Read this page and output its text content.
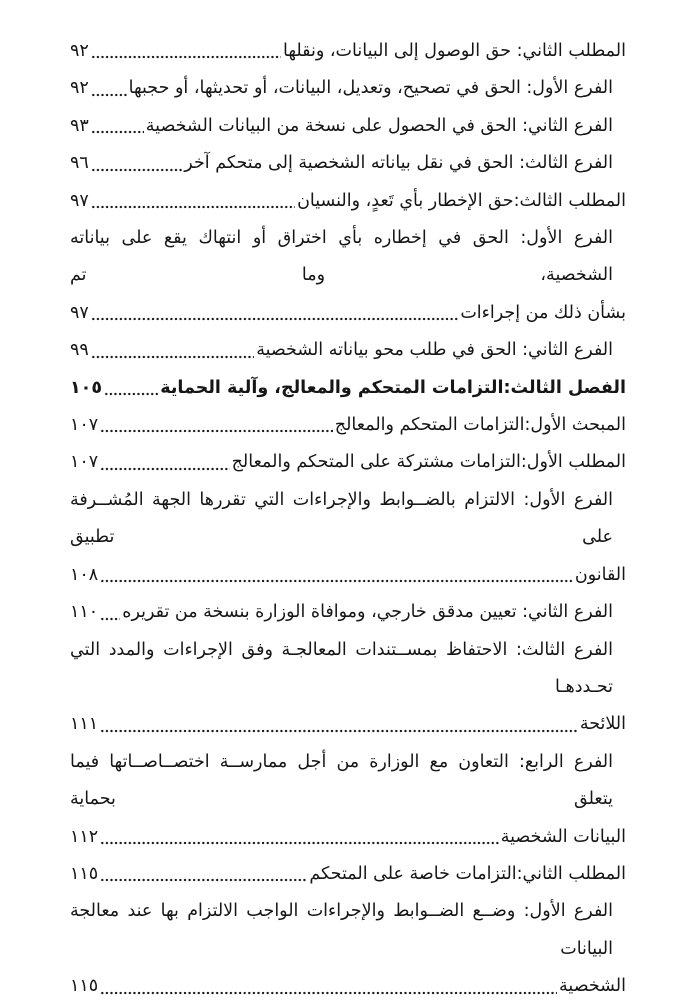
المطلب الثاني: حق الوصول إلى البيانات، ونقلها
٩٢
الفرع الأول: الحق في تصحيح، وتعديل، البيانات، أو تحديثها، أو حجبها
٩٢
الفرع الثاني: الحق في الحصول على نسخة من البيانات الشخصية
٩٣
الفرع الثالث: الحق في نقل بياناته الشخصية إلى متحكم آخر
٩٦
المطلب الثالث:حق الإخطار بأي تَعدٍ، والنسيان
٩٧
الفرع الأول: الحق في إخطاره بأي اختراق أو انتهاك يقع على بياناته الشخصية، وما تم
بشأن ذلك من إجراءات
٩٧
الفرع الثاني: الحق في طلب محو بياناته الشخصية
٩٩
الفصل الثالث:التزامات المتحكم والمعالج، وآلية الحماية
١٠٥
المبحث الأول:التزامات المتحكم والمعالج
١٠٧
المطلب الأول:التزامات مشتركة على المتحكم والمعالج
١٠٧
الفرع الأول: الالتزام بالضــوابط والإجراءات التي تقررها الجهة المُشــرفة على تطبيق
القانون
١٠٨
الفرع الثاني: تعيين مدقق خارجي، وموافاة الوزارة بنسخة من تقريره
١١٠
الفرع الثالث: الاحتفاظ بمســتندات المعالجـة وفق الإجراءات والمدد التي تحـددهـا
اللائحة
١١١
الفرع الرابع: التعاون مع الوزارة من أجل ممارســة اختصــاصــاتها فيما يتعلق بحماية
البيانات الشخصية
١١٢
المطلب الثاني:التزامات خاصة على المتحكم
١١٥
الفرع الأول: وضــع الضــوابط والإجراءات الواجب الالتزام بها عند معالجة البيانات
الشخصية
١١٥
